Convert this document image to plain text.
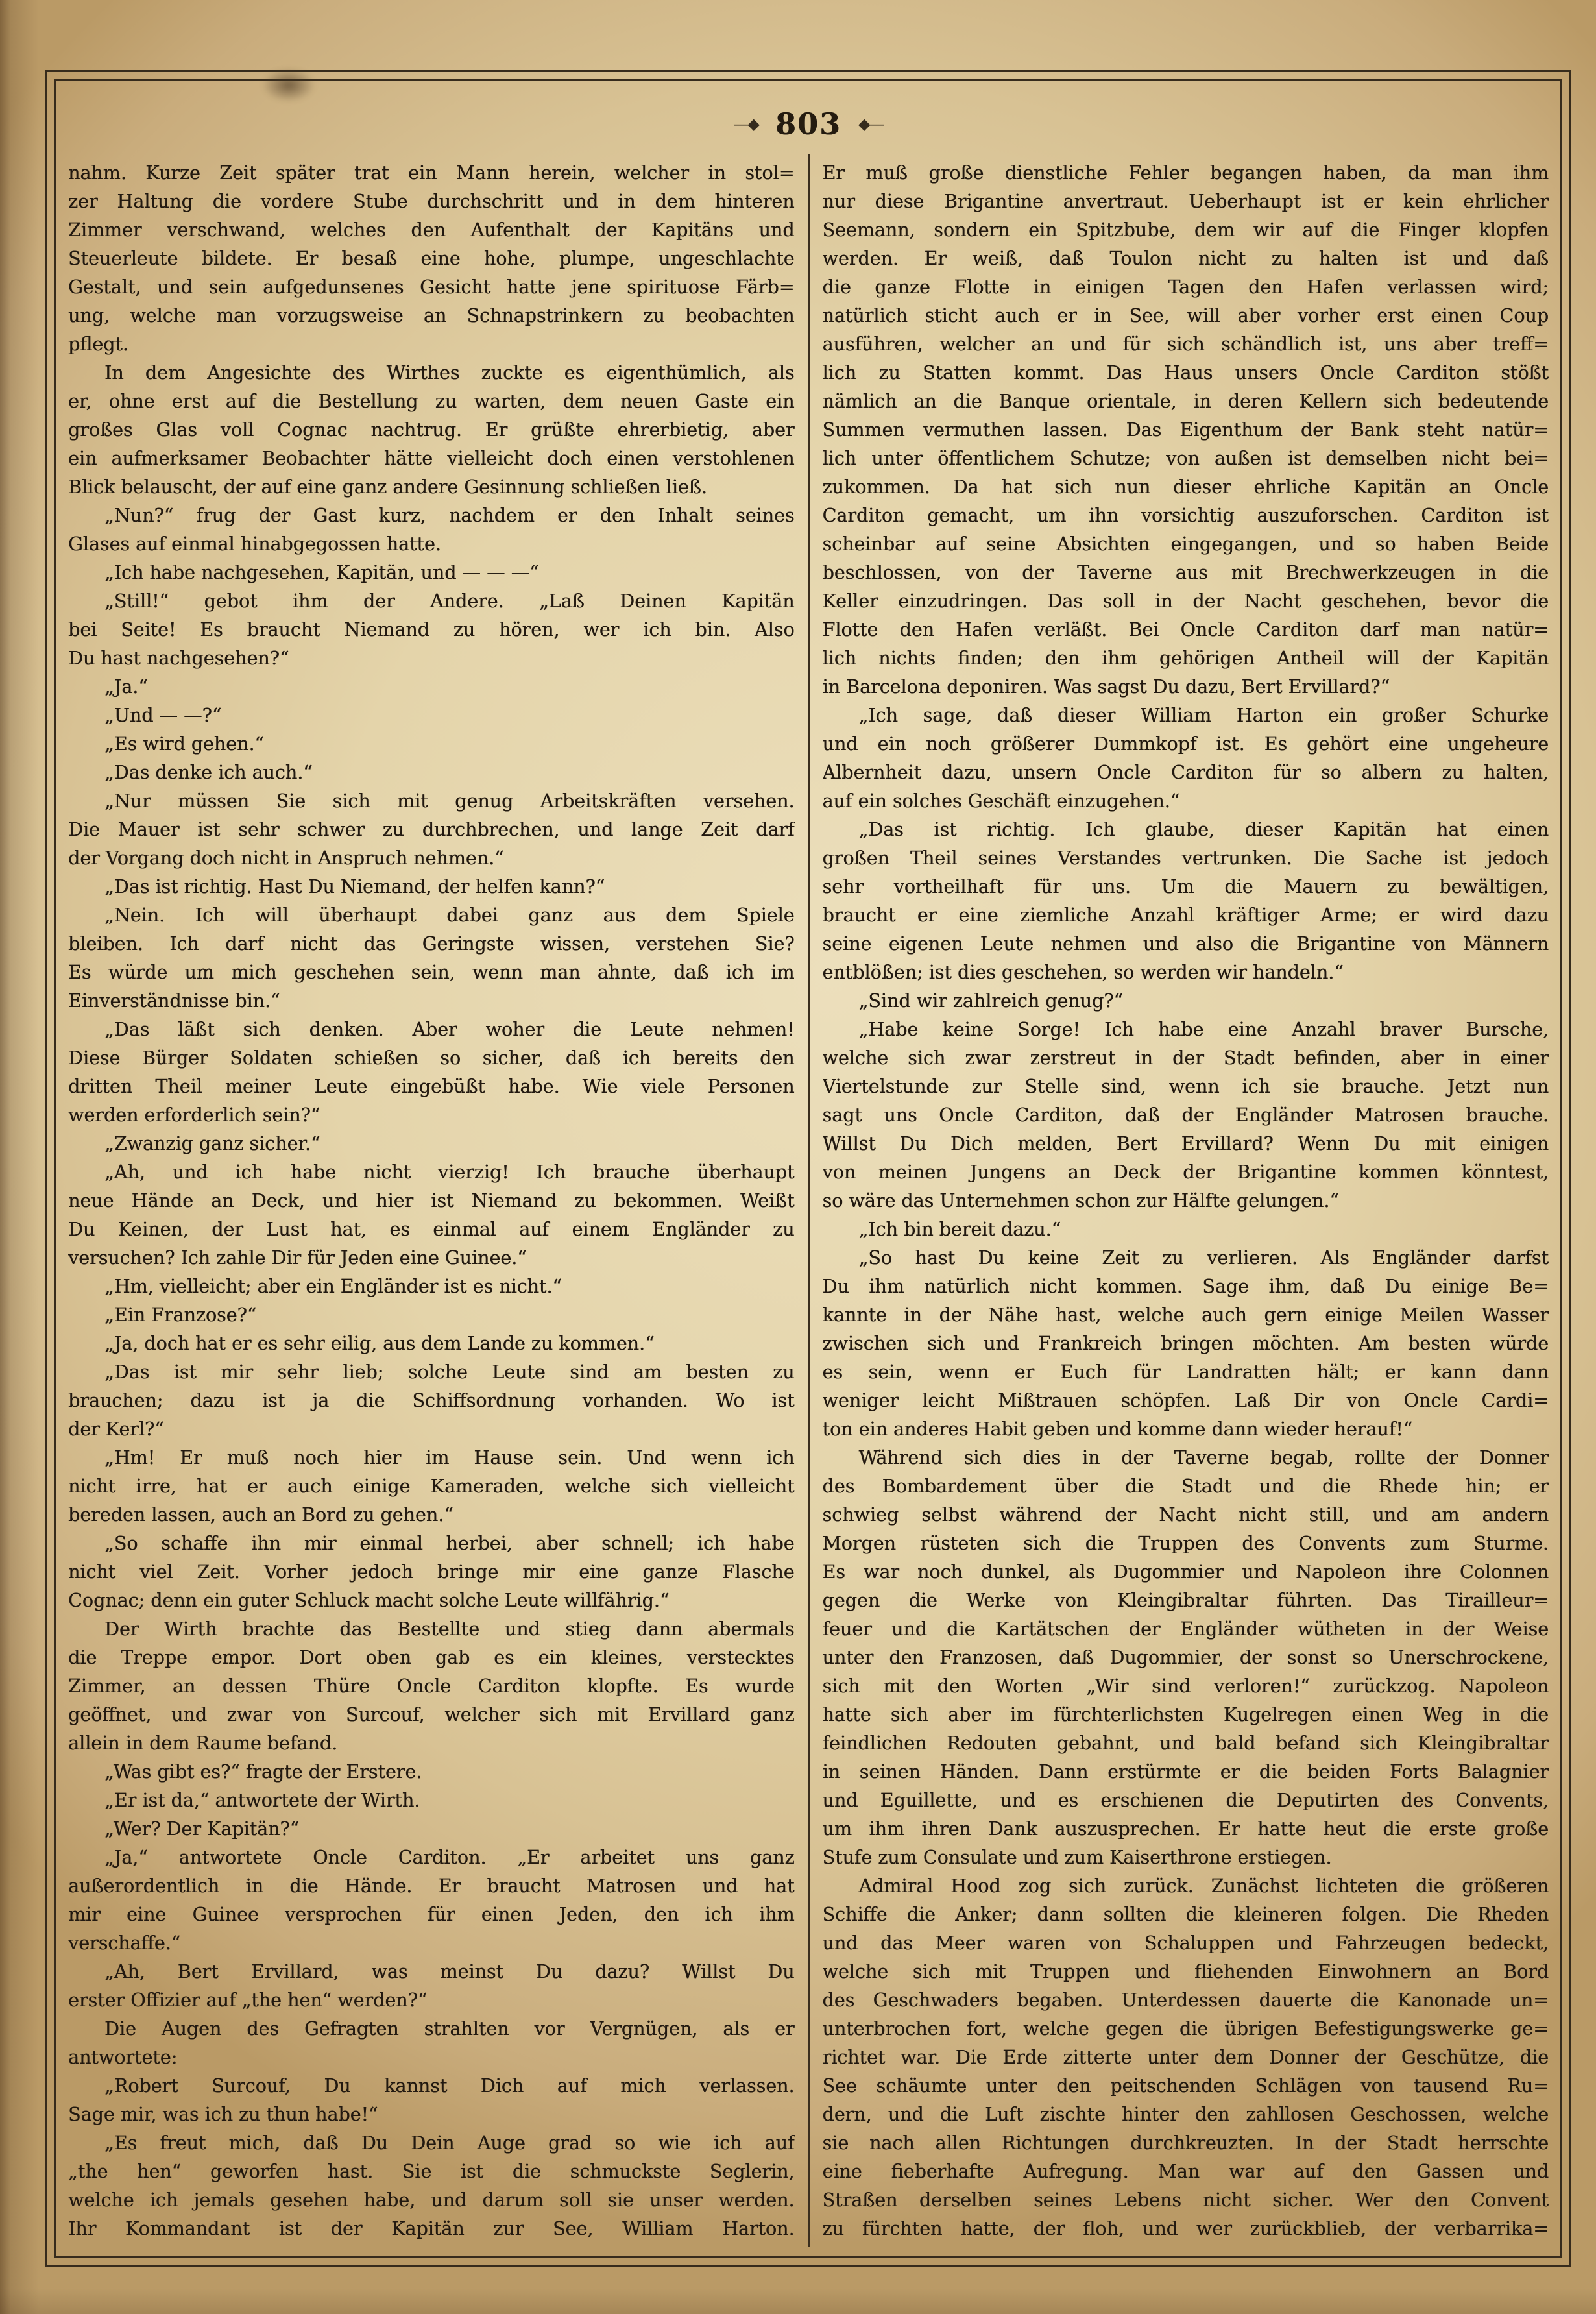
—◆ 803 ◆—
nahm. Kurze Zeit später trat ein Mann herein, welcher in stol=
zer Haltung die vordere Stube durchschritt und in dem hinteren
Zimmer verschwand, welches den Aufenthalt der Kapitäns und
Steuerleute bildete. Er besaß eine hohe, plumpe, ungeschlachte
Gestalt, und sein aufgedunsenes Gesicht hatte jene spirituose Färb=
ung, welche man vorzugsweise an Schnapstrinkern zu beobachten
pflegt.
In dem Angesichte des Wirthes zuckte es eigenthümlich, als
er, ohne erst auf die Bestellung zu warten, dem neuen Gaste ein
großes Glas voll Cognac nachtrug. Er grüßte ehrerbietig, aber
ein aufmerksamer Beobachter hätte vielleicht doch einen verstohlenen
Blick belauscht, der auf eine ganz andere Gesinnung schließen ließ.
„Nun?“ frug der Gast kurz, nachdem er den Inhalt seines
Glases auf einmal hinabgegossen hatte.
„Ich habe nachgesehen, Kapitän, und — — —“
„Still!“ gebot ihm der Andere. „Laß Deinen Kapitän
bei Seite! Es braucht Niemand zu hören, wer ich bin. Also
Du hast nachgesehen?“
„Ja.“
„Und — —?“
„Es wird gehen.“
„Das denke ich auch.“
„Nur müssen Sie sich mit genug Arbeitskräften versehen.
Die Mauer ist sehr schwer zu durchbrechen, und lange Zeit darf
der Vorgang doch nicht in Anspruch nehmen.“
„Das ist richtig. Hast Du Niemand, der helfen kann?“
„Nein. Ich will überhaupt dabei ganz aus dem Spiele
bleiben. Ich darf nicht das Geringste wissen, verstehen Sie?
Es würde um mich geschehen sein, wenn man ahnte, daß ich im
Einverständnisse bin.“
„Das läßt sich denken. Aber woher die Leute nehmen!
Diese Bürger Soldaten schießen so sicher, daß ich bereits den
dritten Theil meiner Leute eingebüßt habe. Wie viele Personen
werden erforderlich sein?“
„Zwanzig ganz sicher.“
„Ah, und ich habe nicht vierzig! Ich brauche überhaupt
neue Hände an Deck, und hier ist Niemand zu bekommen. Weißt
Du Keinen, der Lust hat, es einmal auf einem Engländer zu
versuchen? Ich zahle Dir für Jeden eine Guinee.“
„Hm, vielleicht; aber ein Engländer ist es nicht.“
„Ein Franzose?“
„Ja, doch hat er es sehr eilig, aus dem Lande zu kommen.“
„Das ist mir sehr lieb; solche Leute sind am besten zu
brauchen; dazu ist ja die Schiffsordnung vorhanden. Wo ist
der Kerl?“
„Hm! Er muß noch hier im Hause sein. Und wenn ich
nicht irre, hat er auch einige Kameraden, welche sich vielleicht
bereden lassen, auch an Bord zu gehen.“
„So schaffe ihn mir einmal herbei, aber schnell; ich habe
nicht viel Zeit. Vorher jedoch bringe mir eine ganze Flasche
Cognac; denn ein guter Schluck macht solche Leute willfährig.“
Der Wirth brachte das Bestellte und stieg dann abermals
die Treppe empor. Dort oben gab es ein kleines, verstecktes
Zimmer, an dessen Thüre Oncle Carditon klopfte. Es wurde
geöffnet, und zwar von Surcouf, welcher sich mit Ervillard ganz
allein in dem Raume befand.
„Was gibt es?“ fragte der Erstere.
„Er ist da,“ antwortete der Wirth.
„Wer? Der Kapitän?“
„Ja,“ antwortete Oncle Carditon. „Er arbeitet uns ganz
außerordentlich in die Hände. Er braucht Matrosen und hat
mir eine Guinee versprochen für einen Jeden, den ich ihm
verschaffe.“
„Ah, Bert Ervillard, was meinst Du dazu? Willst Du
erster Offizier auf „the hen“ werden?“
Die Augen des Gefragten strahlten vor Vergnügen, als er
antwortete:
„Robert Surcouf, Du kannst Dich auf mich verlassen.
Sage mir, was ich zu thun habe!“
„Es freut mich, daß Du Dein Auge grad so wie ich auf
„the hen“ geworfen hast. Sie ist die schmuckste Seglerin,
welche ich jemals gesehen habe, und darum soll sie unser werden.
Ihr Kommandant ist der Kapitän zur See, William Harton.
Er muß große dienstliche Fehler begangen haben, da man ihm
nur diese Brigantine anvertraut. Ueberhaupt ist er kein ehrlicher
Seemann, sondern ein Spitzbube, dem wir auf die Finger klopfen
werden. Er weiß, daß Toulon nicht zu halten ist und daß
die ganze Flotte in einigen Tagen den Hafen verlassen wird;
natürlich sticht auch er in See, will aber vorher erst einen Coup
ausführen, welcher an und für sich schändlich ist, uns aber treff=
lich zu Statten kommt. Das Haus unsers Oncle Carditon stößt
nämlich an die Banque orientale, in deren Kellern sich bedeutende
Summen vermuthen lassen. Das Eigenthum der Bank steht natür=
lich unter öffentlichem Schutze; von außen ist demselben nicht bei=
zukommen. Da hat sich nun dieser ehrliche Kapitän an Oncle
Carditon gemacht, um ihn vorsichtig auszuforschen. Carditon ist
scheinbar auf seine Absichten eingegangen, und so haben Beide
beschlossen, von der Taverne aus mit Brechwerkzeugen in die
Keller einzudringen. Das soll in der Nacht geschehen, bevor die
Flotte den Hafen verläßt. Bei Oncle Carditon darf man natür=
lich nichts finden; den ihm gehörigen Antheil will der Kapitän
in Barcelona deponiren. Was sagst Du dazu, Bert Ervillard?“
„Ich sage, daß dieser William Harton ein großer Schurke
und ein noch größerer Dummkopf ist. Es gehört eine ungeheure
Albernheit dazu, unsern Oncle Carditon für so albern zu halten,
auf ein solches Geschäft einzugehen.“
„Das ist richtig. Ich glaube, dieser Kapitän hat einen
großen Theil seines Verstandes vertrunken. Die Sache ist jedoch
sehr vortheilhaft für uns. Um die Mauern zu bewältigen,
braucht er eine ziemliche Anzahl kräftiger Arme; er wird dazu
seine eigenen Leute nehmen und also die Brigantine von Männern
entblößen; ist dies geschehen, so werden wir handeln.“
„Sind wir zahlreich genug?“
„Habe keine Sorge! Ich habe eine Anzahl braver Bursche,
welche sich zwar zerstreut in der Stadt befinden, aber in einer
Viertelstunde zur Stelle sind, wenn ich sie brauche. Jetzt nun
sagt uns Oncle Carditon, daß der Engländer Matrosen brauche.
Willst Du Dich melden, Bert Ervillard? Wenn Du mit einigen
von meinen Jungens an Deck der Brigantine kommen könntest,
so wäre das Unternehmen schon zur Hälfte gelungen.“
„Ich bin bereit dazu.“
„So hast Du keine Zeit zu verlieren. Als Engländer darfst
Du ihm natürlich nicht kommen. Sage ihm, daß Du einige Be=
kannte in der Nähe hast, welche auch gern einige Meilen Wasser
zwischen sich und Frankreich bringen möchten. Am besten würde
es sein, wenn er Euch für Landratten hält; er kann dann
weniger leicht Mißtrauen schöpfen. Laß Dir von Oncle Cardi=
ton ein anderes Habit geben und komme dann wieder herauf!“
Während sich dies in der Taverne begab, rollte der Donner
des Bombardement über die Stadt und die Rhede hin; er
schwieg selbst während der Nacht nicht still, und am andern
Morgen rüsteten sich die Truppen des Convents zum Sturme.
Es war noch dunkel, als Dugommier und Napoleon ihre Colonnen
gegen die Werke von Kleingibraltar führten. Das Tirailleur=
feuer und die Kartätschen der Engländer wütheten in der Weise
unter den Franzosen, daß Dugommier, der sonst so Unerschrockene,
sich mit den Worten „Wir sind verloren!“ zurückzog. Napoleon
hatte sich aber im fürchterlichsten Kugelregen einen Weg in die
feindlichen Redouten gebahnt, und bald befand sich Kleingibraltar
in seinen Händen. Dann erstürmte er die beiden Forts Balagnier
und Eguillette, und es erschienen die Deputirten des Convents,
um ihm ihren Dank auszusprechen. Er hatte heut die erste große
Stufe zum Consulate und zum Kaiserthrone erstiegen.
Admiral Hood zog sich zurück. Zunächst lichteten die größeren
Schiffe die Anker; dann sollten die kleineren folgen. Die Rheden
und das Meer waren von Schaluppen und Fahrzeugen bedeckt,
welche sich mit Truppen und fliehenden Einwohnern an Bord
des Geschwaders begaben. Unterdessen dauerte die Kanonade un=
unterbrochen fort, welche gegen die übrigen Befestigungswerke ge=
richtet war. Die Erde zitterte unter dem Donner der Geschütze, die
See schäumte unter den peitschenden Schlägen von tausend Ru=
dern, und die Luft zischte hinter den zahllosen Geschossen, welche
sie nach allen Richtungen durchkreuzten. In der Stadt herrschte
eine fieberhafte Aufregung. Man war auf den Gassen und
Straßen derselben seines Lebens nicht sicher. Wer den Convent
zu fürchten hatte, der floh, und wer zurückblieb, der verbarrika=
